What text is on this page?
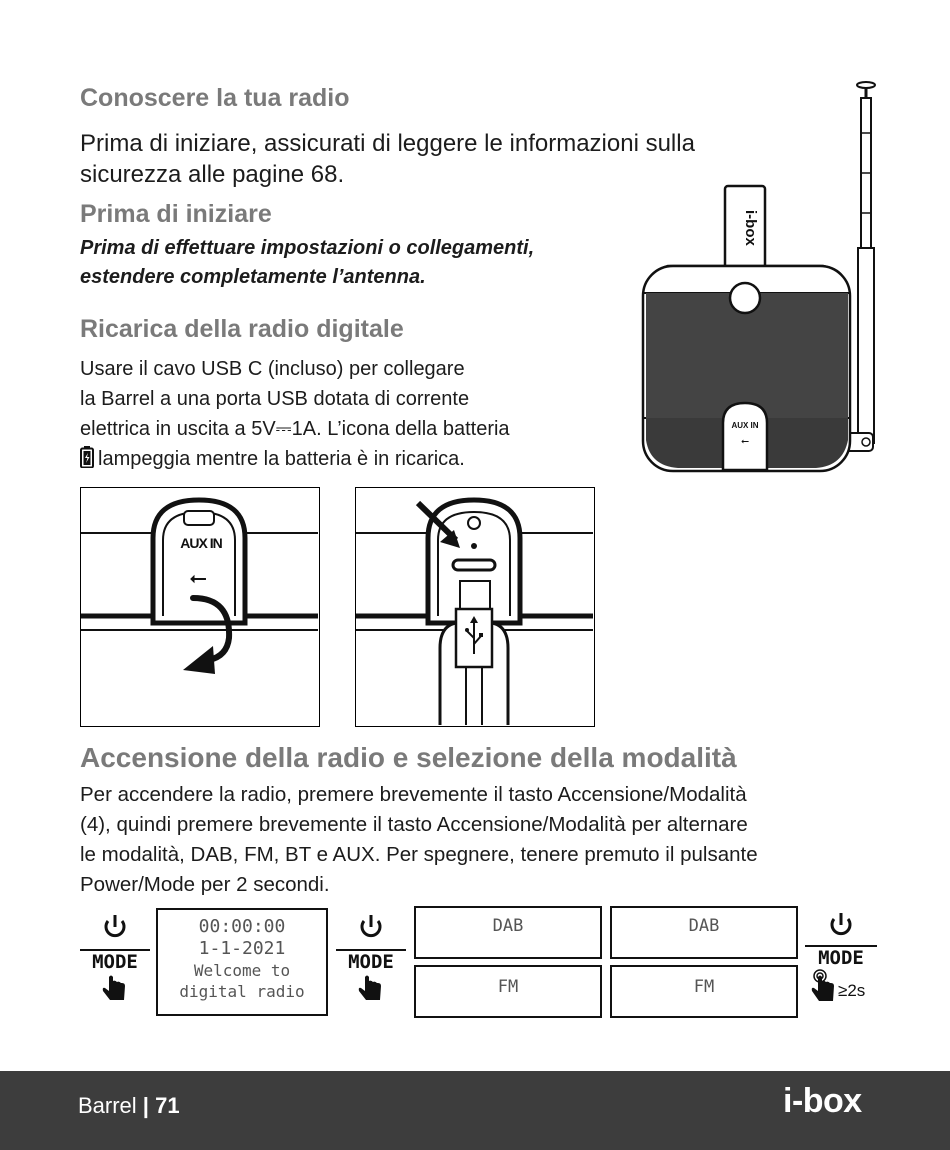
Conoscere la tua radio
Prima di iniziare, assicurati di leggere le informazioni sulla
sicurezza alle pagine 68.
Prima di iniziare
Prima di effettuare impostazioni o collegamenti,
estendere completamente l’antenna.
Ricarica della radio digitale
Usare il cavo USB C (incluso) per collegare
la Barrel a una porta USB dotata di corrente
elettrica in uscita a 5V⎓1A. L’icona della batteria
lampeggia mentre la batteria è in ricarica.
i-box
AUX IN
⭠
AUX IN
⭠
Accensione della radio e selezione della modalità
Per accendere la radio, premere brevemente il tasto Accensione/Modalità
(4), quindi premere brevemente il tasto Accensione/Modalità per alternare
le modalità, DAB, FM, BT e AUX. Per spegnere, tenere premuto il pulsante
Power/Mode per 2 secondi.
MODE
00:00:00
1-1-2021
Welcome to
digital radio
MODE
DAB
FM
DAB
FM
MODE
≥2s
Barrel | 71	i-box
